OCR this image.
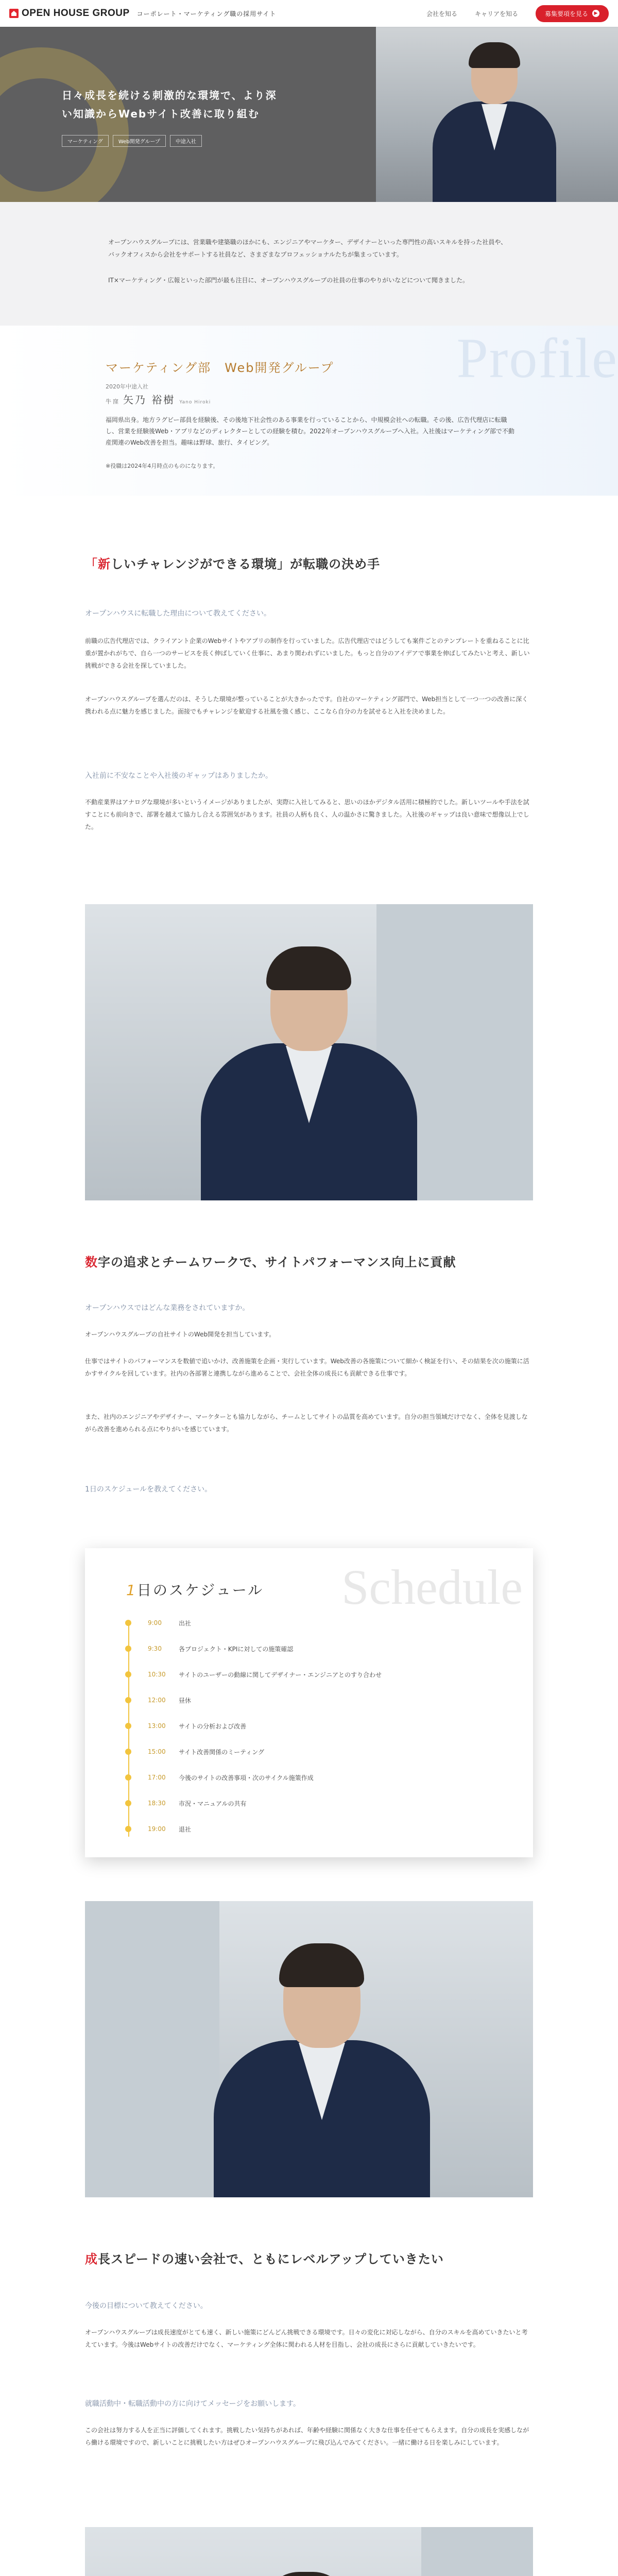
OPEN HOUSE GROUP コーポレート・マーケティング職の採用サイト	会社を知る	キャリアを知る	募集要項を見る	▶
日々成長を続ける刺激的な環境で、より深
い知識からWebサイト改善に取り組む
マーケティング	Web開発グループ	中途入社

オープンハウスグループには、営業職や建築職のほかにも、エンジニアやマーケター、デザイナーといった専門性の高いスキルを持った社員や、バックオフィスから会社をサポートする社員など、さまざまなプロフェッショナルたちが集まっています。

IT×マーケティング・広報といった部門が最も注目に、オープンハウスグループの社員の仕事のやりがいなどについて聞きました。

Profile
マーケティング部　Web開発グループ
2020年中途入社
牛窪 矢乃 裕樹 Yano Hiroki
福岡県出身。地方ラグビー部員を経験後、その後地下社会性のある事業を行っていることから、中規模会社への転職。その後、広告代理店に転職し、営業を経験後Web・アプリなどのディレクターとしての経験を積む。2022年オープンハウスグループへ入社。入社後はマーケティング部で不動産関連のWeb改善を担当。趣味は野球、旅行、タイピング。
※役職は2024年4月時点のものになります。
「新しいチャレンジができる環境」が転職の決め手
オープンハウスに転職した理由について教えてください。

前職の広告代理店では、クライアント企業のWebサイトやアプリの制作を行っていました。広告代理店ではどうしても案件ごとのテンプレートを重ねることに比重が置かれがちで、自ら一つのサービスを長く伸ばしていく仕事に、あまり関われずにいました。もっと自分のアイデアで事業を伸ばしてみたいと考え、新しい挑戦ができる会社を探していました。

オープンハウスグループを選んだのは、そうした環境が整っていることが大きかったです。自社のマーケティング部門で、Web担当として一つ一つの改善に深く携われる点に魅力を感じました。面接でもチャレンジを歓迎する社風を強く感じ、ここなら自分の力を試せると入社を決めました。

入社前に不安なことや入社後のギャップはありましたか。

不動産業界はアナログな環境が多いというイメージがありましたが、実際に入社してみると、思いのほかデジタル活用に積極的でした。新しいツールや手法を試すことにも前向きで、部署を越えて協力し合える雰囲気があります。社員の人柄も良く、人の温かさに驚きました。入社後のギャップは良い意味で想像以上でした。

数字の追求とチームワークで、サイトパフォーマンス向上に貢献
オープンハウスではどんな業務をされていますか。

オープンハウスグループの自社サイトのWeb開発を担当しています。

仕事ではサイトのパフォーマンスを数値で追いかけ、改善施策を企画・実行しています。Web改善の各施策について細かく検証を行い、その結果を次の施策に活かすサイクルを回しています。社内の各部署と連携しながら進めることで、会社全体の成長にも貢献できる仕事です。

また、社内のエンジニアやデザイナー、マーケターとも協力しながら、チームとしてサイトの品質を高めています。自分の担当領域だけでなく、全体を見渡しながら改善を進められる点にやりがいを感じています。

1日のスケジュールを教えてください。
Schedule
1日のスケジュール
9:00	出社
9:30	各プロジェクト・KPIに対しての施策確認
10:30	サイトのユーザーの動線に関してデザイナー・エンジニアとのすり合わせ
12:00	昼休
13:00	サイトの分析および改善
15:00	サイト改善関係のミーティング
17:00	今後のサイトの改善事項・次のサイクル施策作成
18:30	市況・マニュアルの共有
19:00	退社
成長スピードの速い会社で、ともにレベルアップしていきたい
今後の目標について教えてください。

オープンハウスグループは成長速度がとても速く、新しい施策にどんどん挑戦できる環境です。日々の変化に対応しながら、自分のスキルを高めていきたいと考えています。今後はWebサイトの改善だけでなく、マーケティング全体に関われる人材を目指し、会社の成長にさらに貢献していきたいです。

就職活動中・転職活動中の方に向けてメッセージをお願いします。

この会社は努力する人を正当に評価してくれます。挑戦したい気持ちがあれば、年齢や経験に関係なく大きな仕事を任せてもらえます。自分の成長を実感しながら働ける環境ですので、新しいことに挑戦したい方はぜひオープンハウスグループに飛び込んでみてください。一緒に働ける日を楽しみにしています。
